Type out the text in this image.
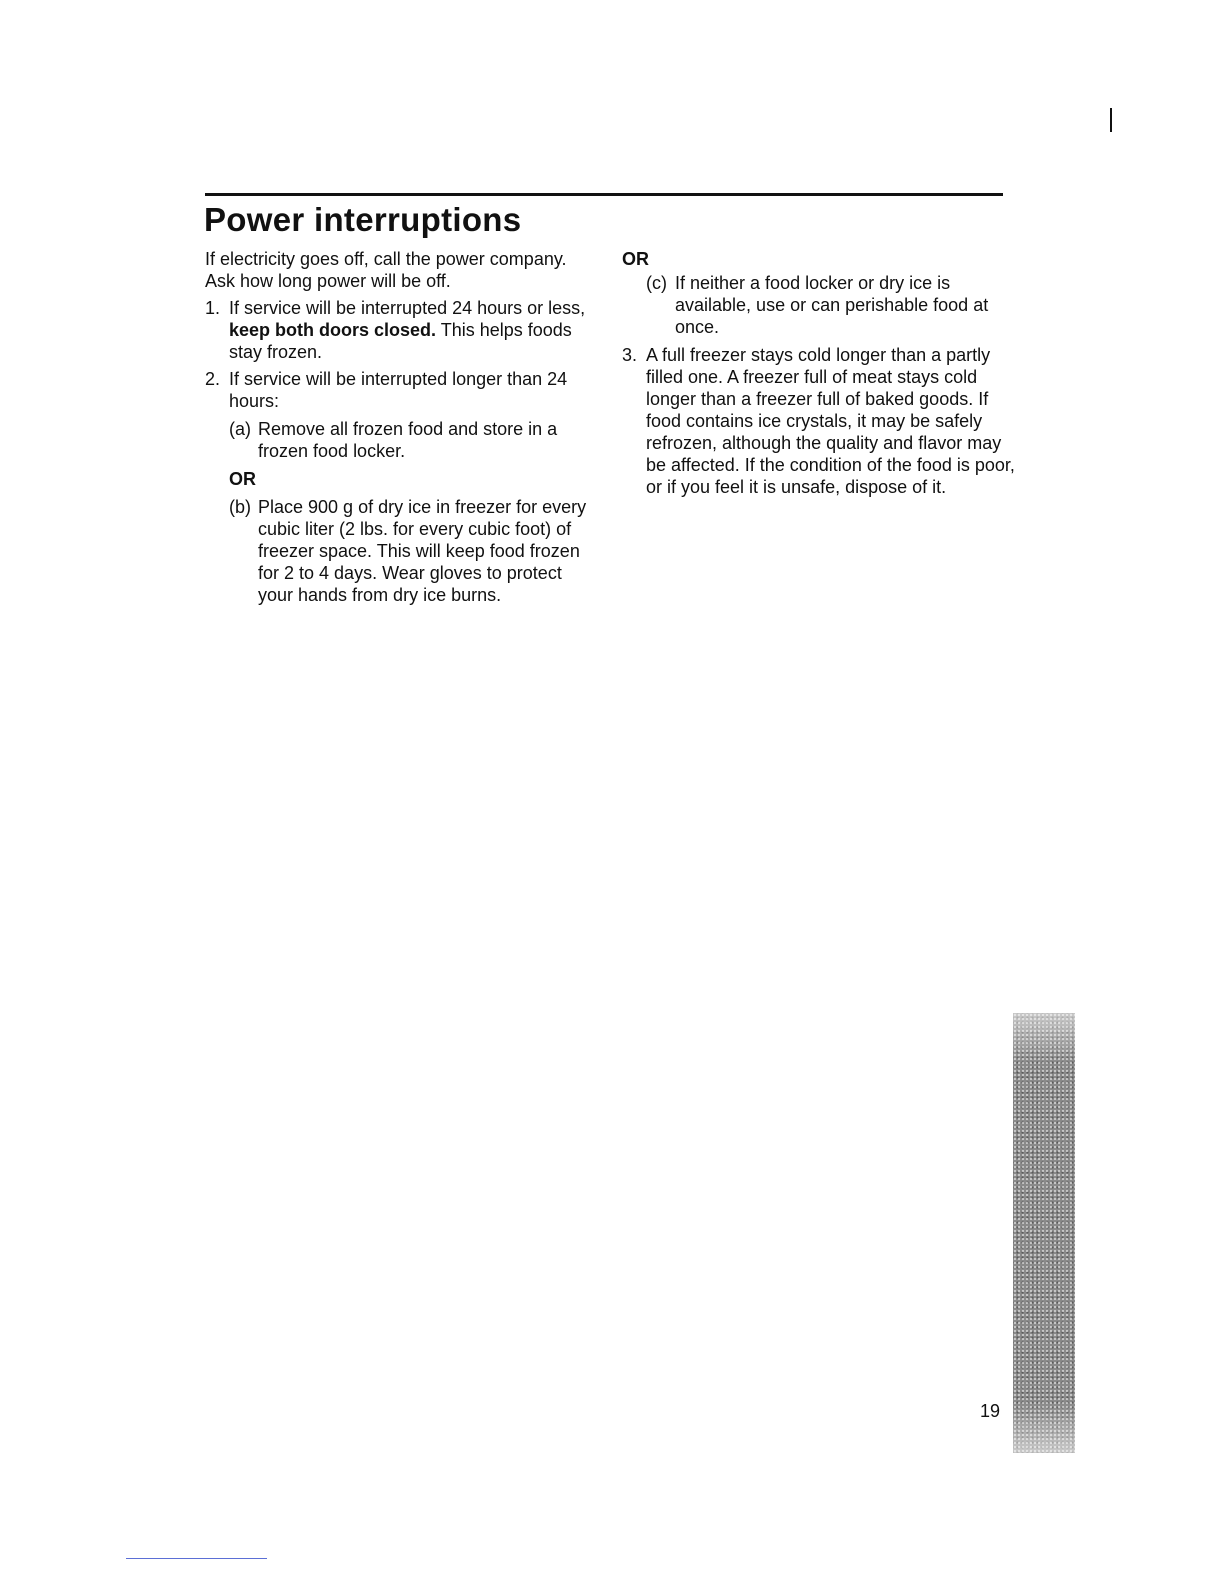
Power interruptions

If electricity goes off, call the power company. Ask how long power will be off.

1. If service will be interrupted 24 hours or less, keep both doors closed. This helps foods stay frozen.
2. If service will be interrupted longer than 24 hours:
(a) Remove all frozen food and store in a frozen food locker.
OR
(b) Place 900 g of dry ice in freezer for every cubic liter (2 lbs. for every cubic foot) of freezer space. This will keep food frozen for 2 to 4 days. Wear gloves to protect your hands from dry ice burns.
OR
(c) If neither a food locker or dry ice is available, use or can perishable food at once.
3. A full freezer stays cold longer than a partly filled one. A freezer full of meat stays cold longer than a freezer full of baked goods. If food contains ice crystals, it may be safely refrozen, although the quality and flavor may be affected. If the condition of the food is poor, or if you feel it is unsafe, dispose of it.
19
